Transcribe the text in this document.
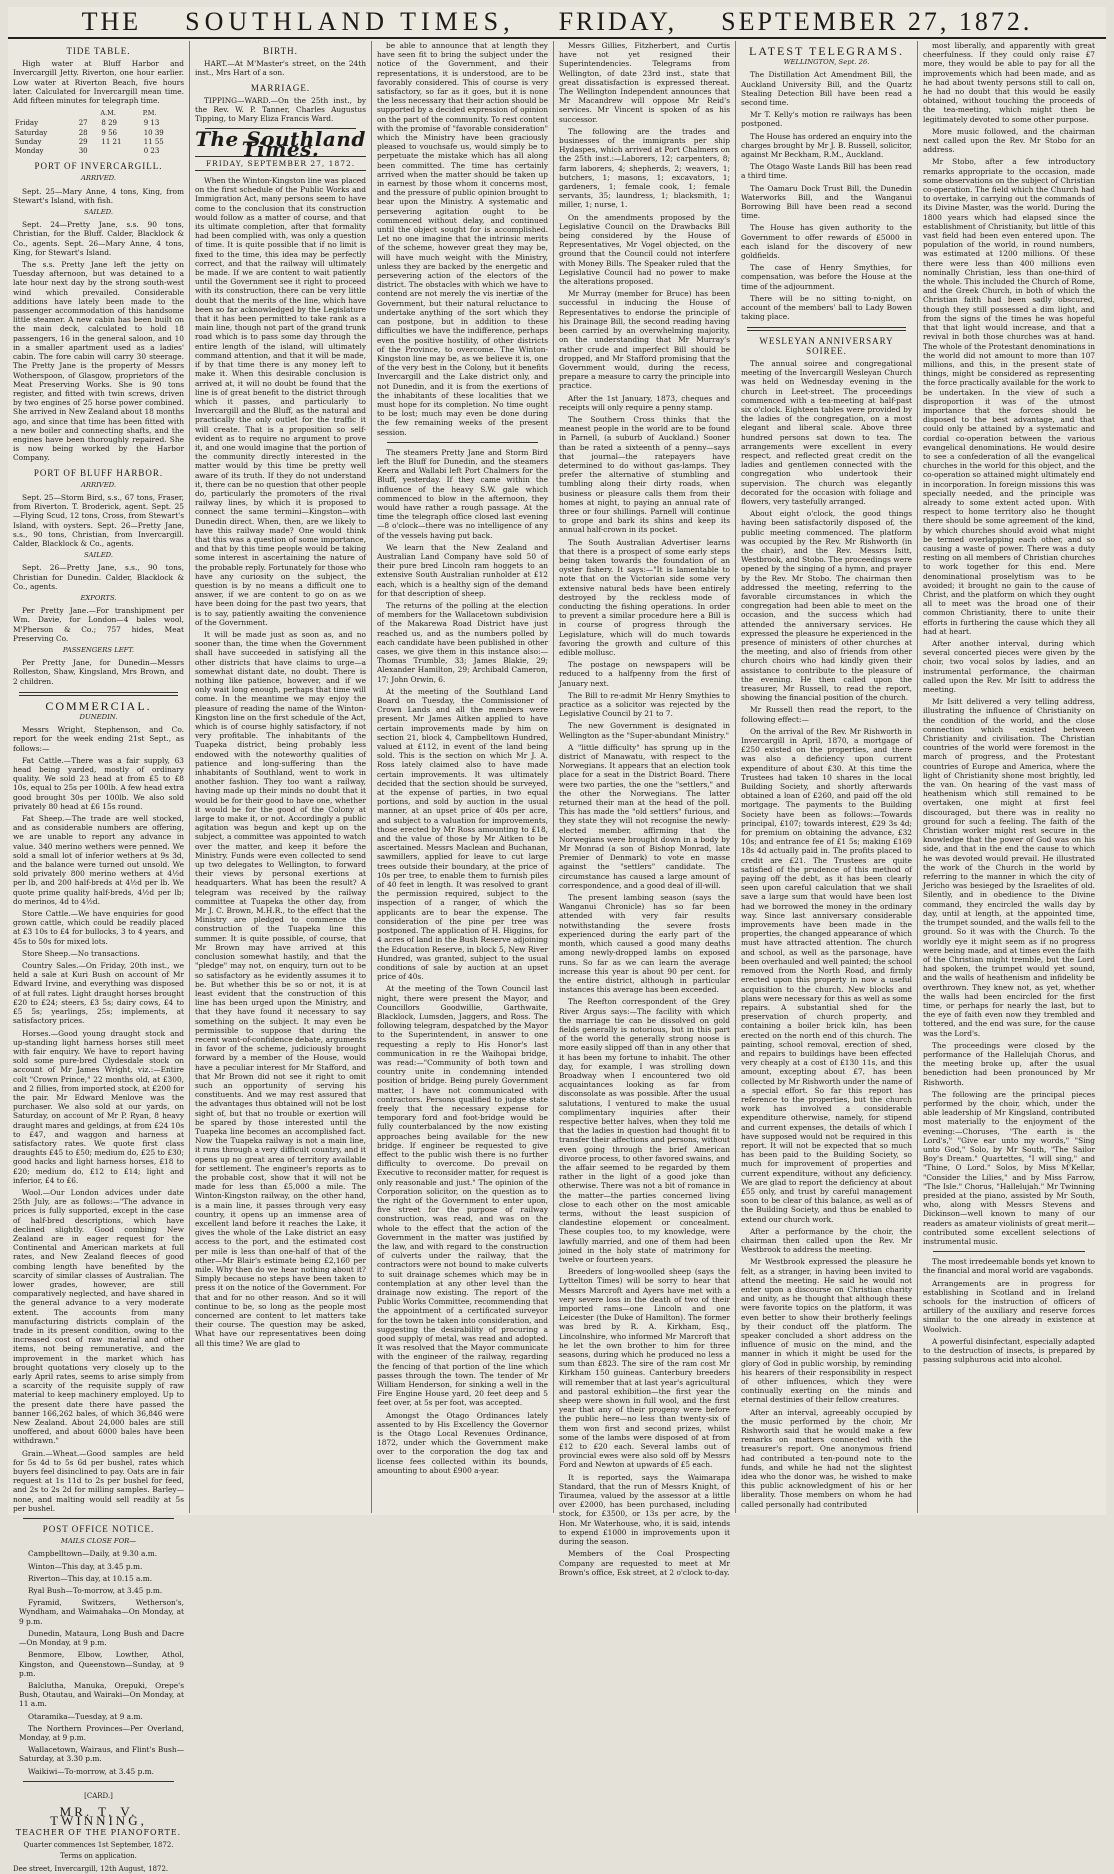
THE SOUTHLAND TIMES, FRIDAY, SEPTEMBER 27, 1872.
TIDE TABLE.

High water at Bluff Harbor and Invercargill Jetty. Riverton, one hour earlier. Low water at Riverton Beach, five hours later. Calculated for Invercargill mean time. Add fifteen minutes for telegraph time.

		A.M.	P.M.
Friday	27	8 29	9 13
Saturday	28	9 56	10 39
Sunday	29	11 21	11 55
Monday	30		0 23
PORT OF INVERCARGILL.
ARRIVED.

Sept. 25—Mary Anne, 4 tons, King, from Stewart's Island, with fish.

SAILED.

Sept. 24—Pretty Jane, s.s. 90 tons, Christian, for the Bluff. Calder, Blacklock & Co., agents. Sept. 26—Mary Anne, 4 tons, King, for Stewart's Island.

The s.s. Pretty Jane left the jetty on Tuesday afternoon, but was detained to a late hour next day by the strong south-west wind which prevailed. Considerable additions have lately been made to the passenger accommodation of this handsome little steamer. A new cabin has been built on the main deck, calculated to hold 18 passengers, 16 in the general saloon, and 10 in a smaller apartment used as a ladies' cabin. The fore cabin will carry 30 steerage. The Pretty Jane is the property of Messrs Wotherspoon, of Glasgow, proprietors of the Meat Preserving Works. She is 90 tons register, and fitted with twin screws, driven by two engines of 25 horse power combined. She arrived in New Zealand about 18 months ago, and since that time has been fitted with a new boiler and connecting shafts, and the engines have been thoroughly repaired. She is now being worked by the Harbor Company.

PORT OF BLUFF HARBOR.
ARRIVED.

Sept. 25—Storm Bird, s.s., 67 tons, Fraser, from Riverton. T. Broderick, agent. Sept. 25—Flying Scud, 12 tons, Cross, from Stewart's Island, with oysters. Sept. 26—Pretty Jane, s.s., 90 tons, Christian, from Invercargill. Calder, Blacklock & Co., agents.

SAILED.

Sept. 26—Pretty Jane, s.s., 90 tons, Christian for Dunedin. Calder, Blacklock & Co., agents.

EXPORTS.

Per Pretty Jane.—For transhipment per Wm. Davie, for London—4 bales wool, M'Pherson & Co.; 757 hides, Meat Preserving Co.

PASSENGERS LEFT.

Per Pretty Jane, for Dunedin—Messrs Rolleston, Shaw, Kingsland, Mrs Brown, and 2 children.

COMMERCIAL.
DUNEDIN.

Messrs Wright, Stephenson, and Co. report for the week ending 21st Sept., as follows:—

Fat Cattle.—There was a fair supply, 63 head being yarded, mostly of ordinary quality. We sold 23 head at from £5 to £8 10s, equal to 25s per 100lb. A few head extra good brought 30s per 100lb. We also sold privately 80 head at £6 15s round.

Fat Sheep.—The trade are well stocked, and as considerable numbers are offering, we are unable to report any advance in value. 340 merino wethers were penned. We sold a small lot of inferior wethers at 9s 3d, and the balance were turned out unsold. We sold privately 800 merino wethers at 4½d per lb, and 200 half-breds at 4½d per lb. We quote prime quality half-breds, 4½d per lb; do merinos, 4d to 4½d.

Store Cattle.—We have enquiries for good grown cattle, which could be readily placed at £3 10s to £4 for bullocks, 3 to 4 years, and 45s to 50s for mixed lots.

Store Sheep.—No transactions.

Country Sales.—On Friday, 20th inst., we held a sale at Kuri Bush on account of Mr Edward Irvine, and everything was disposed of at full rates. Light draught horses brought £20 to £24; steers, £3 5s; dairy cows, £4 to £5 5s; yearlings, 25s; implements, at satisfactory prices.

Horses.—Good young draught stock and up-standing light harness horses still meet with fair enquiry. We have to report having sold some pure-bred Clydesdale stock on account of Mr James Wright, viz.:—Entire colt "Crown Prince," 22 months old, at £300, and 2 fillies, from imported stock, at £200 for the pair. Mr Edward Menlove was the purchaser. We also sold at our yards, on Saturday, on account of Mr P. Ryan, 8 heavy draught mares and geldings, at from £24 10s to £47, and waggon and harness at satisfactory rates. We quote first class draughts £45 to £50; medium do, £25 to £30; good hacks and light harness horses, £18 to £20; medium do, £12 to £14; light and inferior, £4 to £6.

Wool.—Our London advices under date 25th July, are as follows:—"The advance in prices is fully supported, except in the case of half-bred descriptions, which have declined slightly. Good combing New Zealand are in eager request for the Continental and American markets at full rates, and New Zealand fleeces of good combing length have benefited by the scarcity of similar classes of Australian. The lower grades, however, are still comparatively neglected, and have shared in the general advance to a very moderate extent. The accounts from many manufacturing districts complain of the trade in its present condition, owing to the increased cost of raw material and other items, not being remunerative, and the improvement in the market which has brought quotations very closely up to the early April rates, seems to arise simply from a scarcity of the requisite supply of raw material to keep machinery employed. Up to the present date there have passed the banner 166,262 bales, of which 36,846 were New Zealand. About 24,000 bales are still unoffered, and about 6000 bales have been withdrawn."

Grain.—Wheat.—Good samples are held for 5s 4d to 5s 6d per bushel, rates which buyers feel disinclined to pay. Oats are in fair request at 1s 11d to 2s per bushel for feed, and 2s to 2s 2d for milling samples. Barley—none, and malting would sell readily at 5s per bushel.

POST OFFICE NOTICE.
MAILS CLOSE FOR—

Campbelltown—Daily, at 9.30 a.m.

Winton—This day, at 3.45 p.m.

Riverton—This day, at 10.15 a.m.

Ryal Bush—To-morrow, at 3.45 p.m.

Fyramid, Switzers, Wetherson's, Wyndham, and Waimahaka—On Monday, at 9 p.m.

Dunedin, Mataura, Long Bush and Dacre—On Monday, at 9 p.m.

Benmore, Elbow, Lowther, Athol, Kingston, and Queenstown—Sunday, at 9 p.m.

Balclutha, Manuka, Orepuki, Orepe's Bush, Otautau, and Wairaki—On Monday, at 11 a.m.

Otaramika—Tuesday, at 9 a.m.

The Northern Provinces—Per Overland, Monday, at 9 p.m.

Wallacetown, Wairaus, and Flint's Bush—Saturday, at 3.30 p.m.

Waikiwi—To-morrow, at 3.45 p.m.

[CARD.]
MR. T. V. TWINNING,
TEACHER OF THE PIANOFORTE.
Quarter commences 1st September, 1872.
Terms on application.
Dee street, Invercargill, 12th August, 1872.
BIRTH.

HART.—At M'Master's street, on the 24th inst., Mrs Hart of a son.

MARRIAGE.

TIPPING—WARD.—On the 25th inst., by the Rev. W. P. Tanner, Charles Augustus Tipping, to Mary Eliza Francis Ward.

The Southland Times.
FRIDAY, SEPTEMBER 27, 1872.

When the Winton-Kingston line was placed on the first schedule of the Public Works and Immigration Act, many persons seem to have come to the conclusion that its construction would follow as a matter of course, and that its ultimate completion, after that formality had been complied with, was only a question of time. It is quite possible that if no limit is fixed to the time, this idea may be perfectly correct, and that the railway will ultimately be made. If we are content to wait patiently until the Government see it right to proceed with its construction, there can be very little doubt that the merits of the line, which have been so far acknowledged by the Legislature that it has been permitted to take rank as a main line, though not part of the grand trunk road which is to pass some day through the entire length of the island, will ultimately command attention, and that it will be made, if by that time there is any money left to make it. When this desirable conclusion is arrived at, it will no doubt be found that the line is of great benefit to the district through which it passes, and particularly to Invercargill and the Bluff, as the natural and practically the only outlet for the traffic it will create. That is a proposition so self-evident as to require no argument to prove it, and one would imagine that the portion of the community directly interested in the matter would by this time be pretty well aware of its truth. If they do not understand it, there can be no question that other people do, particularly the promoters of the rival railway lines, by which it is proposed to connect the same termini—Kingston—with Dunedin direct. When, then, are we likely to have this railway made? One would think that this was a question of some importance, and that by this time people would be taking some interest in ascertaining the nature of the probable reply. Fortunately for those who have any curiosity on the subject, the question is by no means a difficult one to answer, if we are content to go on as we have been doing for the past two years, that is to say, patiently awaiting the convenience of the Government.

It will be made just as soon as, and no sooner than, the time when the Government shall have succeeded in satisfying all the other districts that have claims to urge—a somewhat distant date, no doubt. There is nothing like patience, however, and if we only wait long enough, perhaps that time will come. In the meantime we may enjoy the pleasure of reading the name of the Winton-Kingston line on the first schedule of the Act, which is of course highly satisfactory, if not very profitable. The inhabitants of the Tuapeka district, being probably less endowed with the noteworthy qualities of patience and long-suffering than the inhabitants of Southland, went to work in another fashion. They too want a railway, having made up their minds no doubt that it would be for their good to have one, whether it would be for the good of the Colony at large to make it, or not. Accordingly a public agitation was begun and kept up on the subject, a committee was appointed to watch over the matter, and keep it before the Ministry. Funds were even collected to send up two delegates to Wellington, to forward their views by personal exertions at headquarters. What has been the result? A telegram was received by the railway committee at Tuapeka the other day, from Mr J. C. Brown, M.H.R., to the effect that the Ministry are pledged to commence the construction of the Tuapeka line this summer. It is quite possible, of course, that Mr Brown may have arrived at this conclusion somewhat hastily, and that the "pledge" may not, on enquiry, turn out to be so satisfactory as he evidently assumes it to be. But whether this be so or not, it is at least evident that the construction of this line has been urged upon the Ministry, and that they have found it necessary to say something on the subject. It may even be permissible to suppose that during the recent want-of-confidence debate, arguments in favor of the scheme, judiciously brought forward by a member of the House, would have a peculiar interest for Mr Stafford, and that Mr Brown did not see it right to omit such an opportunity of serving his constituents. And we may rest assured that the advantages thus obtained will not be lost sight of, but that no trouble or exertion will be spared by those interested until the Tuapeka line becomes an accomplished fact. Now the Tuapeka railway is not a main line, it runs through a very difficult country, and it opens up no great area of territory available for settlement. The engineer's reports as to the probable cost, show that it will not be made for less than £5,000 a mile. The Winton-Kingston railway, on the other hand, is a main line, it passes through very easy country, it opens up an immense area of excellent land before it reaches the Lake, it gives the whole of the Lake district an easy access to the port, and the estimated cost per mile is less than one-half of that of the other—Mr Blair's estimate being £2,160 per mile. Why then do we hear nothing about it? Simply because no steps have been taken to press it on the notice of the Government. For that and for no other reason. And so it will continue to be, so long as the people most concerned are content to let matters take their course. The question may be asked, What have our representatives been doing all this time? We are glad to

be able to announce that at length they have seen fit to bring the subject under the notice of the Government, and their representations, it is understood, are to be favorably considered. This of course is very satisfactory, so far as it goes, but it is none the less necessary that their action should be supported by a decided expression of opinion on the part of the community. To rest content with the promise of "favorable consideration" which the Ministry have been graciously pleased to vouchsafe us, would simply be to perpetuate the mistake which has all along been committed. The time has certainly arrived when the matter should be taken up in earnest by those whom it concerns most, and the pressure of public opinion brought to bear upon the Ministry. A systematic and persevering agitation ought to be commenced without delay, and continued until the object sought for is accomplished. Let no one imagine that the intrinsic merits of the scheme, however great they may be, will have much weight with the Ministry, unless they are backed by the energetic and persevering action of the electors of the district. The obstacles with which we have to contend are not merely the vis inertiæ of the Government, but their natural reluctance to undertake anything of the sort which they can postpone, but in addition to these difficulties we have the indifference, perhaps even the positive hostility, of other districts of the Province, to overcome. The Winton-Kingston line may be, as we believe it is, one of the very best in the Colony, but it benefits Invercargill and the Lake district only, and not Dunedin, and it is from the exertions of the inhabitants of these localities that we must hope for its completion. No time ought to be lost; much may even be done during the few remaining weeks of the present session.

The steamers Pretty Jane and Storm Bird left the Bluff for Dunedin, and the steamers Keera and Wallabi left Port Chalmers for the Bluff, yesterday. If they came within the influence of the heavy S.W. gale which commenced to blow in the afternoon, they would have rather a rough passage. At the time the telegraph office closed last evening—8 o'clock—there was no intelligence of any of the vessels having put back.

We learn that the New Zealand and Australian Land Company have sold 50 of their pure bred Lincoln ram hoggets to an extensive South Australian runholder at £12 each, which is a healthy sign of the demand for that description of sheep.

The returns of the polling at the election of members for the Wallacetown subdivision of the Makarewa Road District have just reached us, and as the numbers polled by each candidate have been published in other cases, we give them in this instance also:—Thomas Trumble, 33; James Blakie, 29; Alexander Hamilton, 29; Archibald Cameron, 17; John Orwin, 6.

At the meeting of the Southland Land Board on Tuesday, the Commissioner of Crown Lands and all the members were present. Mr James Aitken applied to have certain improvements made by him on section 21, block 4, Campbelltown Hundred, valued at £112, in event of the land being sold. This is the section on which Mr J. A. Ross lately claimed also to have made certain improvements. It was ultimately decided that the section should be surveyed, at the expense of parties, in two equal portions, and sold by auction in the usual manner, at an upset price of 40s per acre, and subject to a valuation for improvements, those erected by Mr Ross amounting to £18, and the value of those by Mr Aitken to be ascertained. Messrs Maclean and Buchanan, sawmillers, applied for leave to cut large trees outside their boundary, at the price of 10s per tree, to enable them to furnish piles of 40 feet in length. It was resolved to grant the permission required, subject to the inspection of a ranger, of which the applicants are to bear the expense. The consideration of the pine per tree was postponed. The application of H. Higgins, for 4 acres of land in the Bush Reserve adjoining the Education Reserve, in block 5, New River Hundred, was granted, subject to the usual conditions of sale by auction at an upset price of 40s.

At the meeting of the Town Council last night, there were present the Mayor, and Councillors Goodwillie, Garthwaite, Blacklock, Lumsden, Jaggers, and Ross. The following telegram, despatched by the Mayor to the Superintendent, in answer to one requesting a reply to His Honor's last communication in re the Waihopai bridge, was read:—"Community of both town and country unite in condemning intended position of bridge. Being purely Government matter, I have not communicated with contractors. Persons qualified to judge state freely that the necessary expense for temporary ford and foot-bridge would be fully counterbalanced by the now existing approaches being available for the new bridge. If engineer be requested to give effect to the public wish there is no further difficulty to overcome. Do prevail on Executive to reconsider matter, for request is only reasonable and just." The opinion of the Corporation solicitor, on the question as to the right of the Government to enter upon, five street for the purpose of railway construction, was read, and was on the whole to the effect that the action of the Government in the matter was justified by the law, and with regard to the construction of culverts under the railway, that the contractors were not bound to make culverts to suit drainage schemes which may be in contemplation at any other level than the drainage now existing. The report of the Public Works Committee, recommending that the appointment of a certificated surveyor for the town be taken into consideration, and suggesting the desirability of procuring a good supply of metal, was read and adopted. It was resolved that the Mayor communicate with the engineer of the railway, regarding the fencing of that portion of the line which passes through the town. The tender of Mr William Henderson, for sinking a well in the Fire Engine House yard, 20 feet deep and 5 feet over, at 5s per foot, was accepted.

Amongst the Otago Ordinances lately assented to by His Excellency the Governor is the Otago Local Revenues Ordinance, 1872, under which the Government make over to the corporation the dog tax and license fees collected within its bounds, amounting to about £900 a-year.

Messrs Gillies, Fitzherbert, and Curtis have not yet resigned their Superintendencies. Telegrams from Wellington, of date 23rd inst., state that great dissatisfaction is expressed thereat. The Wellington Independent announces that Mr Macandrew will oppose Mr Reid's services. Mr Vincent is spoken of as his successor.

The following are the trades and businesses of the immigrants per ship Hydaspes, which arrived at Port Chalmers on the 25th inst.:—Laborers, 12; carpenters, 8; farm laborers, 4; shepherds, 2; weavers, 1; butchers, 1; masons, 1; excavators, 1; gardeners, 1; female cook, 1; female servants, 35; laundress, 1; blacksmith, 1; miller, 1; nurse, 1.

On the amendments proposed by the Legislative Council on the Drawbacks Bill being considered by the House of Representatives, Mr Vogel objected, on the ground that the Council could not interfere with Money Bills. The Speaker ruled that the Legislative Council had no power to make the alterations proposed.

Mr Murray (member for Bruce) has been successful in inducing the House of Representatives to endorse the principle of his Drainage Bill, the second reading having been carried by an overwhelming majority, on the understanding that Mr Murray's rather crude and imperfect Bill should be dropped, and Mr Stafford promising that the Government would, during the recess, prepare a measure to carry the principle into practice.

After the 1st January, 1873, cheques and receipts will only require a penny stamp.

The Southern Cross thinks that the meanest people in the world are to be found in Parnell, (a suburb of Auckland.) Sooner than be rated a sixteenth of a penny—says that journal—the ratepayers have determined to do without gas-lamps. They prefer the alternative of stumbling and tumbling along their dirty roads, when business or pleasure calls them from their homes at night, to paying an annual rate of three or four shillings. Parnell will continue to grope and bark its shins and keep its annual half-crown in its pocket.

The South Australian Advertiser learns that there is a prospect of some early steps being taken towards the foundation of an oyster fishery. It says:—"It is lamentable to note that on the Victorian side some very extensive natural beds have been entirely destroyed by the reckless mode of conducting the fishing operations. In order to prevent a similar procedure here a Bill is in course of progress through the Legislature, which will do much towards favoring the growth and culture of this edible mollusc.

The postage on newspapers will be reduced to a halfpenny from the first of January next.

The Bill to re-admit Mr Henry Smythies to practice as a solicitor was rejected by the Legislative Council by 21 to 7.

The new Government is designated in Wellington as the "Super-abundant Ministry."

A "little difficulty" has sprung up in the district of Manawatu, with respect to the Norwegians. It appears that an election took place for a seat in the District Board. There were two parties, the one the "settlers," and the other the Norwegians. The latter returned their man at the head of the poll. This has made the "old settlers" furious, and they state they will not recognise the newly-elected member, affirming that the Norwegians were brought down in a body by Mr Monrad (a son of Bishop Monrad, late Premier of Denmark) to vote en masse against the "settlers" candidate. The circumstance has caused a large amount of correspondence, and a good deal of ill-will.

The present lambing season (says the Wanganui Chronicle) has so far been attended with very fair results notwithstanding the severe frosts experienced during the early part of the month, which caused a good many deaths among newly-dropped lambs on exposed runs. So far as we can learn the average increase this year is about 90 per cent. for the entire district, although in particular instances this average has been exceeded.

The Reefton correspondent of the Grey River Argus says:—The facility with which the marriage tie can be dissolved on gold fields generally is notorious, but in this part of the world the generally strong noose is more easily slipped off than in any other that it has been my fortune to inhabit. The other day, for example, I was strolling down Broadway when I encountered two old acquaintances looking as far from disconsolate as was possible. After the usual salutations, I ventured to make the usual complimentary inquiries after their respective better halves, when they told me that the ladies in question had thought fit to transfer their affections and persons, without even going through the brief American divorce process, to other favored swains, and the affair seemed to be regarded by them rather in the light of a good joke than otherwise. There was not a bit of romance in the matter—the parties concerned living close to each other on the most amicable terms, without the least suspicion of clandestine elopement or concealment. These couples too, to my knowledge, were lawfully married, and one of them had been joined in the holy state of matrimony for twelve or fourteen years.

Breeders of long-woolled sheep (says the Lyttelton Times) will be sorry to hear that Messrs Marcroft and Ayers have met with a very severe loss in the death of two of their imported rams—one Lincoln and one Leicester (the Duke of Hamilton). The former was bred by R. A. Kirkham, Esq., Lincolnshire, who informed Mr Marcroft that he let the own brother to him for three seasons, during which he produced no less a sum than £823. The sire of the ram cost Mr Kirkham 150 guineas. Canterbury breeders will remember that at last year's agricultural and pastoral exhibition—the first year the sheep were shown in full wool, and the first year that any of their progeny were before the public here—no less than twenty-six of them won first and second prizes, whilst some of the lambs were disposed of at from £12 to £20 each. Several lambs out of provincial ewes were also sold off by Messrs Ford and Newton at upwards of £5 each.

It is reported, says the Waimarapa Standard, that the run of Messrs Knight, of Tiraumea, valued by the assessor at a little over £2000, has been purchased, including stock, for £3500, or 13s per acre, by the Hon. Mr Waterhouse, who, it is said, intends to expend £1000 in improvements upon it during the season.

Members of the Coal Prospecting Company are requested to meet at Mr Brown's office, Esk street, at 2 o'clock to-day.

LATEST TELEGRAMS.
WELLINGTON, Sept. 26.

The Distillation Act Amendment Bill, the Auckland University Bill, and the Quartz Stealing Detection Bill have been read a second time.

Mr T. Kelly's motion re railways has been postponed.

The House has ordered an enquiry into the charges brought by Mr J. B. Russell, solicitor, against Mr Beckham, R.M., Auckland.

The Otago Waste Lands Bill has been read a third time.

The Oamaru Dock Trust Bill, the Dunedin Waterworks Bill, and the Wanganui Borrowing Bill have been read a second time.

The House has given authority to the Government to offer rewards of £5000 in each island for the discovery of new goldfields.

The case of Henry Smythies, for compensation, was before the House at the time of the adjournment.

There will be no sitting to-night, on account of the members' ball to Lady Bowen taking place.

WESLEYAN ANNIVERSARY SOIREE.

The annual soiree and congregational meeting of the Invercargill Wesleyan Church was held on Wednesday evening in the church in Leet-street. The proceedings commenced with a tea-meeting at half-past six o'clock. Eighteen tables were provided by the ladies of the congregation, on a most elegant and liberal scale. Above three hundred persons sat down to tea. The arrangements were excellent in every respect, and reflected great credit on the ladies and gentlemen connected with the congregation who undertook their supervision. The church was elegantly decorated for the occasion with foliage and flowers, very tastefully arranged.

About eight o'clock, the good things having been satisfactorily disposed of, the public meeting commenced. The platform was occupied by the Rev. Mr Rishworth (in the chair), and the Rev. Messrs Isitt, Westbrook, and Stobo. The proceedings were opened by the singing of a hymn, and prayer by the Rev. Mr Stobo. The chairman then addressed the meeting, referring to the favorable circumstances in which the congregation had been able to meet on the occasion, and the success which had attended the anniversary services. He expressed the pleasure he experienced in the presence of ministers of other churches at the meeting, and also of friends from other church choirs who had kindly given their assistance to contribute to the pleasure of the evening. He then called upon the treasurer, Mr Russell, to read the report, showing the financial position of the church.

Mr Russell then read the report, to the following effect:—

On the arrival of the Rev. Mr Rishworth in Invercargill in April, 1870, a mortgage of £250 existed on the properties, and there was also a deficiency upon current expenditure of about £30. At this time the Trustees had taken 10 shares in the local Building Society, and shortly afterwards obtained a loan of £260, and paid off the old mortgage. The payments to the Building Society have been as follows:—Towards principal, £107; towards interest, £29 3s 4d; for premium on obtaining the advance, £32 10s; and entrance fee of £1 5s; making £169 18s 4d actually paid in. The profits placed to credit are £21. The Trustees are quite satisfied of the prudence of this method of paying off the debt, as it has been clearly seen upon careful calculation that we shall save a large sum that would have been lost had we borrowed the money in the ordinary way. Since last anniversary considerable improvements have been made in the properties, the changed appearance of which must have attracted attention. The church and school, as well as the parsonage, have been overhauled and well painted; the school removed from the North Road, and firmly erected upon this property in now a useful acquisition to the church. New blocks and plans were necessary for this as well as some repairs. A substantial shed for the preservation of church property, and containing a boiler brick kiln, has been erected on the north end of this church. The painting, school removal, erection of shed, and repairs to buildings have been effected very cheaply at a cost of £130 11s, and this amount, excepting about £7, has been collected by Mr Rishworth under the name of a special effort. So far this report has reference to the properties, but the church work has involved a considerable expenditure otherwise, namely, for stipend and current expenses, the details of which I have supposed would not be required in this report. It will not be expected that so much has been paid to the Building Society, so much for improvement of properties and current expenditure, without any deficiency. We are glad to report the deficiency at about £55 only, and trust by careful management soon to be clear of this balance, as well as of the Building Society, and thus be enabled to extend our church work.

After a performance by the choir, the chairman then called upon the Rev. Mr Westbrook to address the meeting.

Mr Westbrook expressed the pleasure he felt, as a stranger, in having been invited to attend the meeting. He said he would not enter upon a discourse on Christian charity and unity, as he thought that although these were favorite topics on the platform, it was even better to show their brotherly feelings by their conduct off the platform. The speaker concluded a short address on the influence of music on the mind, and the manner in which it might be used for the glory of God in public worship, by reminding his hearers of their responsibility in respect of other influences, which they were continually exerting on the minds and eternal destinies of their fellow creatures.

After an interval, agreeably occupied by the music performed by the choir, Mr Rishworth said that he would make a few remarks on matters connected with the treasurer's report. One anonymous friend had contributed a ten-pound note to the funds, and while he had not the slightest idea who the donor was, he wished to make this public acknowledgment of his or her liberality. Those members on whom he had called personally had contributed

most liberally, and apparently with great cheerfulness. If they could only raise £7 more, they would be able to pay for all the improvements which had been made, and as he had about twenty persons still to call on, he had no doubt that this would be easily obtained, without touching the proceeds of the tea-meeting, which might then be legitimately devoted to some other purpose.

More music followed, and the chairman next called upon the Rev. Mr Stobo for an address.

Mr Stobo, after a few introductory remarks appropriate to the occasion, made some observations on the subject of Christian co-operation. The field which the Church had to overtake, in carrying out the commands of its Divine Master, was the world. During the 1800 years which had elapsed since the establishment of Christianity, but little of this vast field had been even entered upon. The population of the world, in round numbers, was estimated at 1200 millions. Of these there were less than 400 millions even nominally Christian, less than one-third of the whole. This included the Church of Rome, and the Greek Church, in both of which the Christian faith had been sadly obscured, though they still possessed a dim light, and from the signs of the times he was hopeful that that light would increase, and that a revival in both those churches was at hand. The whole of the Protestant denominations in the world did not amount to more than 107 millions, and this, in the present state of things, might be considered as representing the force practically available for the work to be undertaken. In the view of such a disproportion it was of the utmost importance that the forces should be disposed to the best advantage, and that could only be attained by a systematic and cordial co-operation between the various evangelical denominations. He would desire to see a confederation of all the evangelical churches in the world for this object, and the co-operation so attained might ultimately end in incorporation. In foreign missions this was specially needed, and the principle was already to some extent acted upon. With respect to home territory also he thought there should be some agreement of the kind, by which churches should avoid what might be termed overlapping each other, and so causing a waste of power. There was a duty resting on all members of Christian churches to work together for this end. Mere denominational proselytism was to be avoided; it brought no gain to the cause of Christ, and the platform on which they ought all to meet was the broad one of their common Christianity, there to unite their efforts in furthering the cause which they all had at heart.

After another interval, during which several concerted pieces were given by the choir, two vocal solos by ladies, and an instrumental performance, the chairman called upon the Rev. Mr Isitt to address the meeting.

Mr Isitt delivered a very telling address, illustrating the influence of Christianity on the condition of the world, and the close connection which existed between Christianity and civilisation. The Christian countries of the world were foremost in the march of progress, and the Protestant countries of Europe and America, where the light of Christianity shone most brightly, led the van. On hearing of the vast mass of heathenism which still remained to be overtaken, one might at first feel discouraged, but there was in reality no ground for such a feeling. The faith of the Christian worker might rest secure in the knowledge that the power of God was on his side, and that in the end the cause to which he was devoted would prevail. He illustrated the work of the Church in the world by referring to the manner in which the city of Jericho was besieged by the Israelites of old. Silently, and in obedience to the Divine command, they encircled the walls day by day, until at length, at the appointed time, the trumpet sounded, and the walls fell to the ground. So it was with the Church. To the worldly eye it might seem as if no progress were being made, and at times even the faith of the Christian might tremble, but the Lord had spoken, the trumpet would yet sound, and the walls of heathenism and infidelity be overthrown. They knew not, as yet, whether the walls had been encircled for the first time, or perhaps for nearly the last, but to the eye of faith even now they trembled and tottered, and the end was sure, for the cause was the Lord's.

The proceedings were closed by the performance of the Hallelujah Chorus, and the meeting broke up, after the usual benediction had been pronounced by Mr Rishworth.

The following are the principal pieces performed by the choir, which, under the able leadership of Mr Kingsland, contributed most materially to the enjoyment of the evening:—Choruses, "The earth is the Lord's," "Give ear unto my words," "Sing unto God," Solo, by Mr South, "The Sailor Boy's Dream." Quartettes, "I will sing," and "Thine, O Lord." Solos, by Miss M'Kellar, "Consider the Lilies," and by Miss Farrow, "The Isle." Chorus, "Hallelujah." Mr Twinning presided at the piano, assisted by Mr South, who, along with Messrs Stevens and Dickinson—well known to many of our readers as amateur violinists of great merit—contributed some excellent selections of instrumental music.

The most irredeemable bonds yet known to the financial and moral world are vagabonds.

Arrangements are in progress for establishing in Scotland and in Ireland schools for the instruction of officers of artillery of the auxiliary and reserve forces similar to the one already in existence at Woolwich.

A powerful disinfectant, especially adapted to the destruction of insects, is prepared by passing sulphurous acid into alcohol.
